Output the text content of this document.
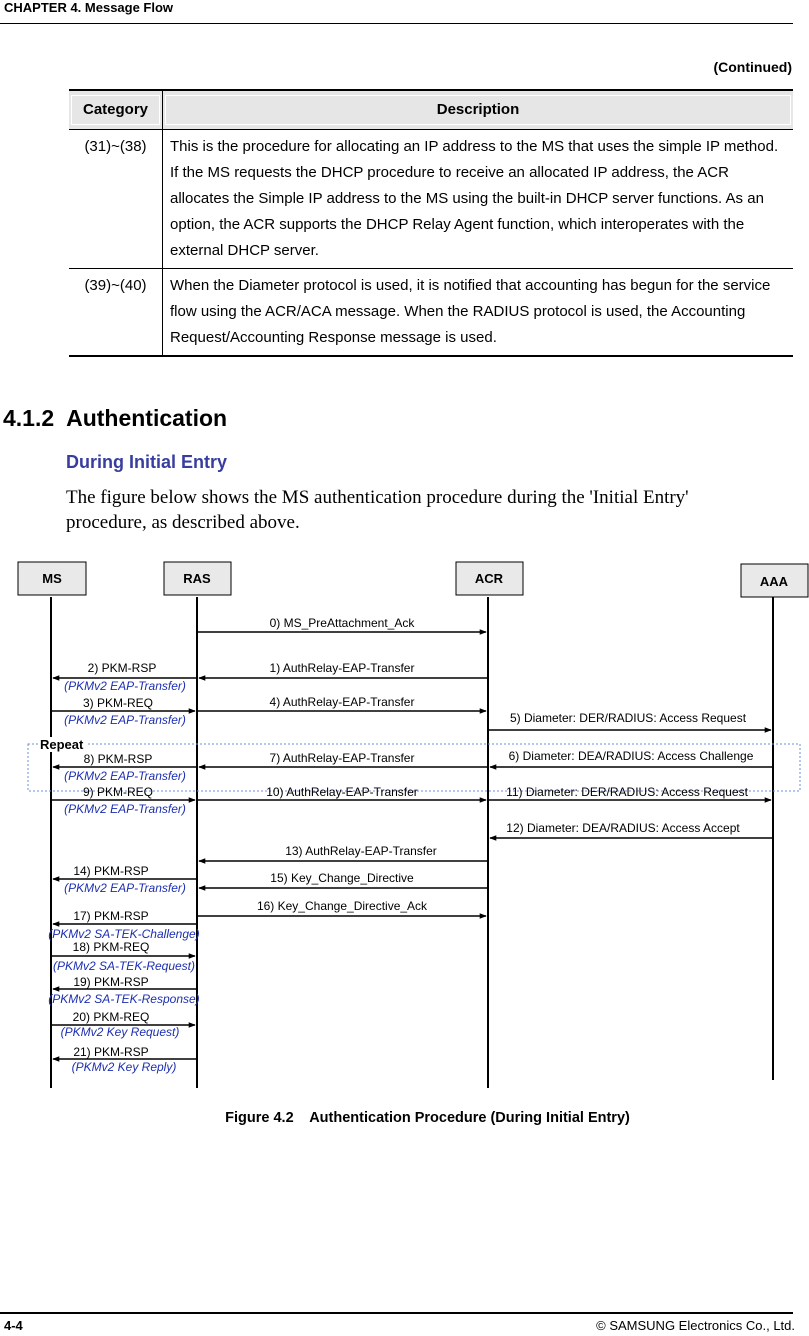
CHAPTER 4. Message Flow
(Continued)
Category	Description

(31)~(38)	This is the procedure for allocating an IP address to the MS that uses the simple IP method.
If the MS requests the DHCP procedure to receive an allocated IP address, the ACR allocates the Simple IP address to the MS using the built-in DHCP server functions. As an option, the ACR supports the DHCP Relay Agent function, which interoperates with the external DHCP server.
(39)~(40)	When the Diameter protocol is used, it is notified that accounting has begun for the service flow using the ACR/ACA message. When the RADIUS protocol is used, the Accounting Request/Accounting Response message is used.
4.1.2  Authentication
During Initial Entry
The figure below shows the MS authentication procedure during the 'Initial Entry' procedure, as described above.
MS	RAS	ACR	AAA
Repeat
0) MS_PreAttachment_Ack
1) AuthRelay-EAP-Transfer
2) PKM-RSP
3) PKM-REQ	4) AuthRelay-EAP-Transfer
5) Diameter: DER/RADIUS: Access Request
6) Diameter: DEA/RADIUS: Access Challenge
7) AuthRelay-EAP-Transfer
8) PKM-RSP
9) PKM-REQ	10) AuthRelay-EAP-Transfer	11) Diameter: DER/RADIUS: Access Request
12) Diameter: DEA/RADIUS: Access Accept
13) AuthRelay-EAP-Transfer
14) PKM-RSP	15) Key_Change_Directive
16) Key_Change_Directive_Ack
17) PKM-RSP
18) PKM-REQ
19) PKM-RSP
20) PKM-REQ
21) PKM-RSP
(PKMv2 EAP-Transfer)
(PKMv2 EAP-Transfer)
(PKMv2 EAP-Transfer)
(PKMv2 EAP-Transfer)
(PKMv2 EAP-Transfer)
(PKMv2 SA-TEK-Challenge)
(PKMv2 SA-TEK-Request)
(PKMv2 SA-TEK-Response)
(PKMv2 Key Request)
(PKMv2 Key Reply)
Figure 4.2    Authentication Procedure (During Initial Entry)
4-4	© SAMSUNG Electronics Co., Ltd.
